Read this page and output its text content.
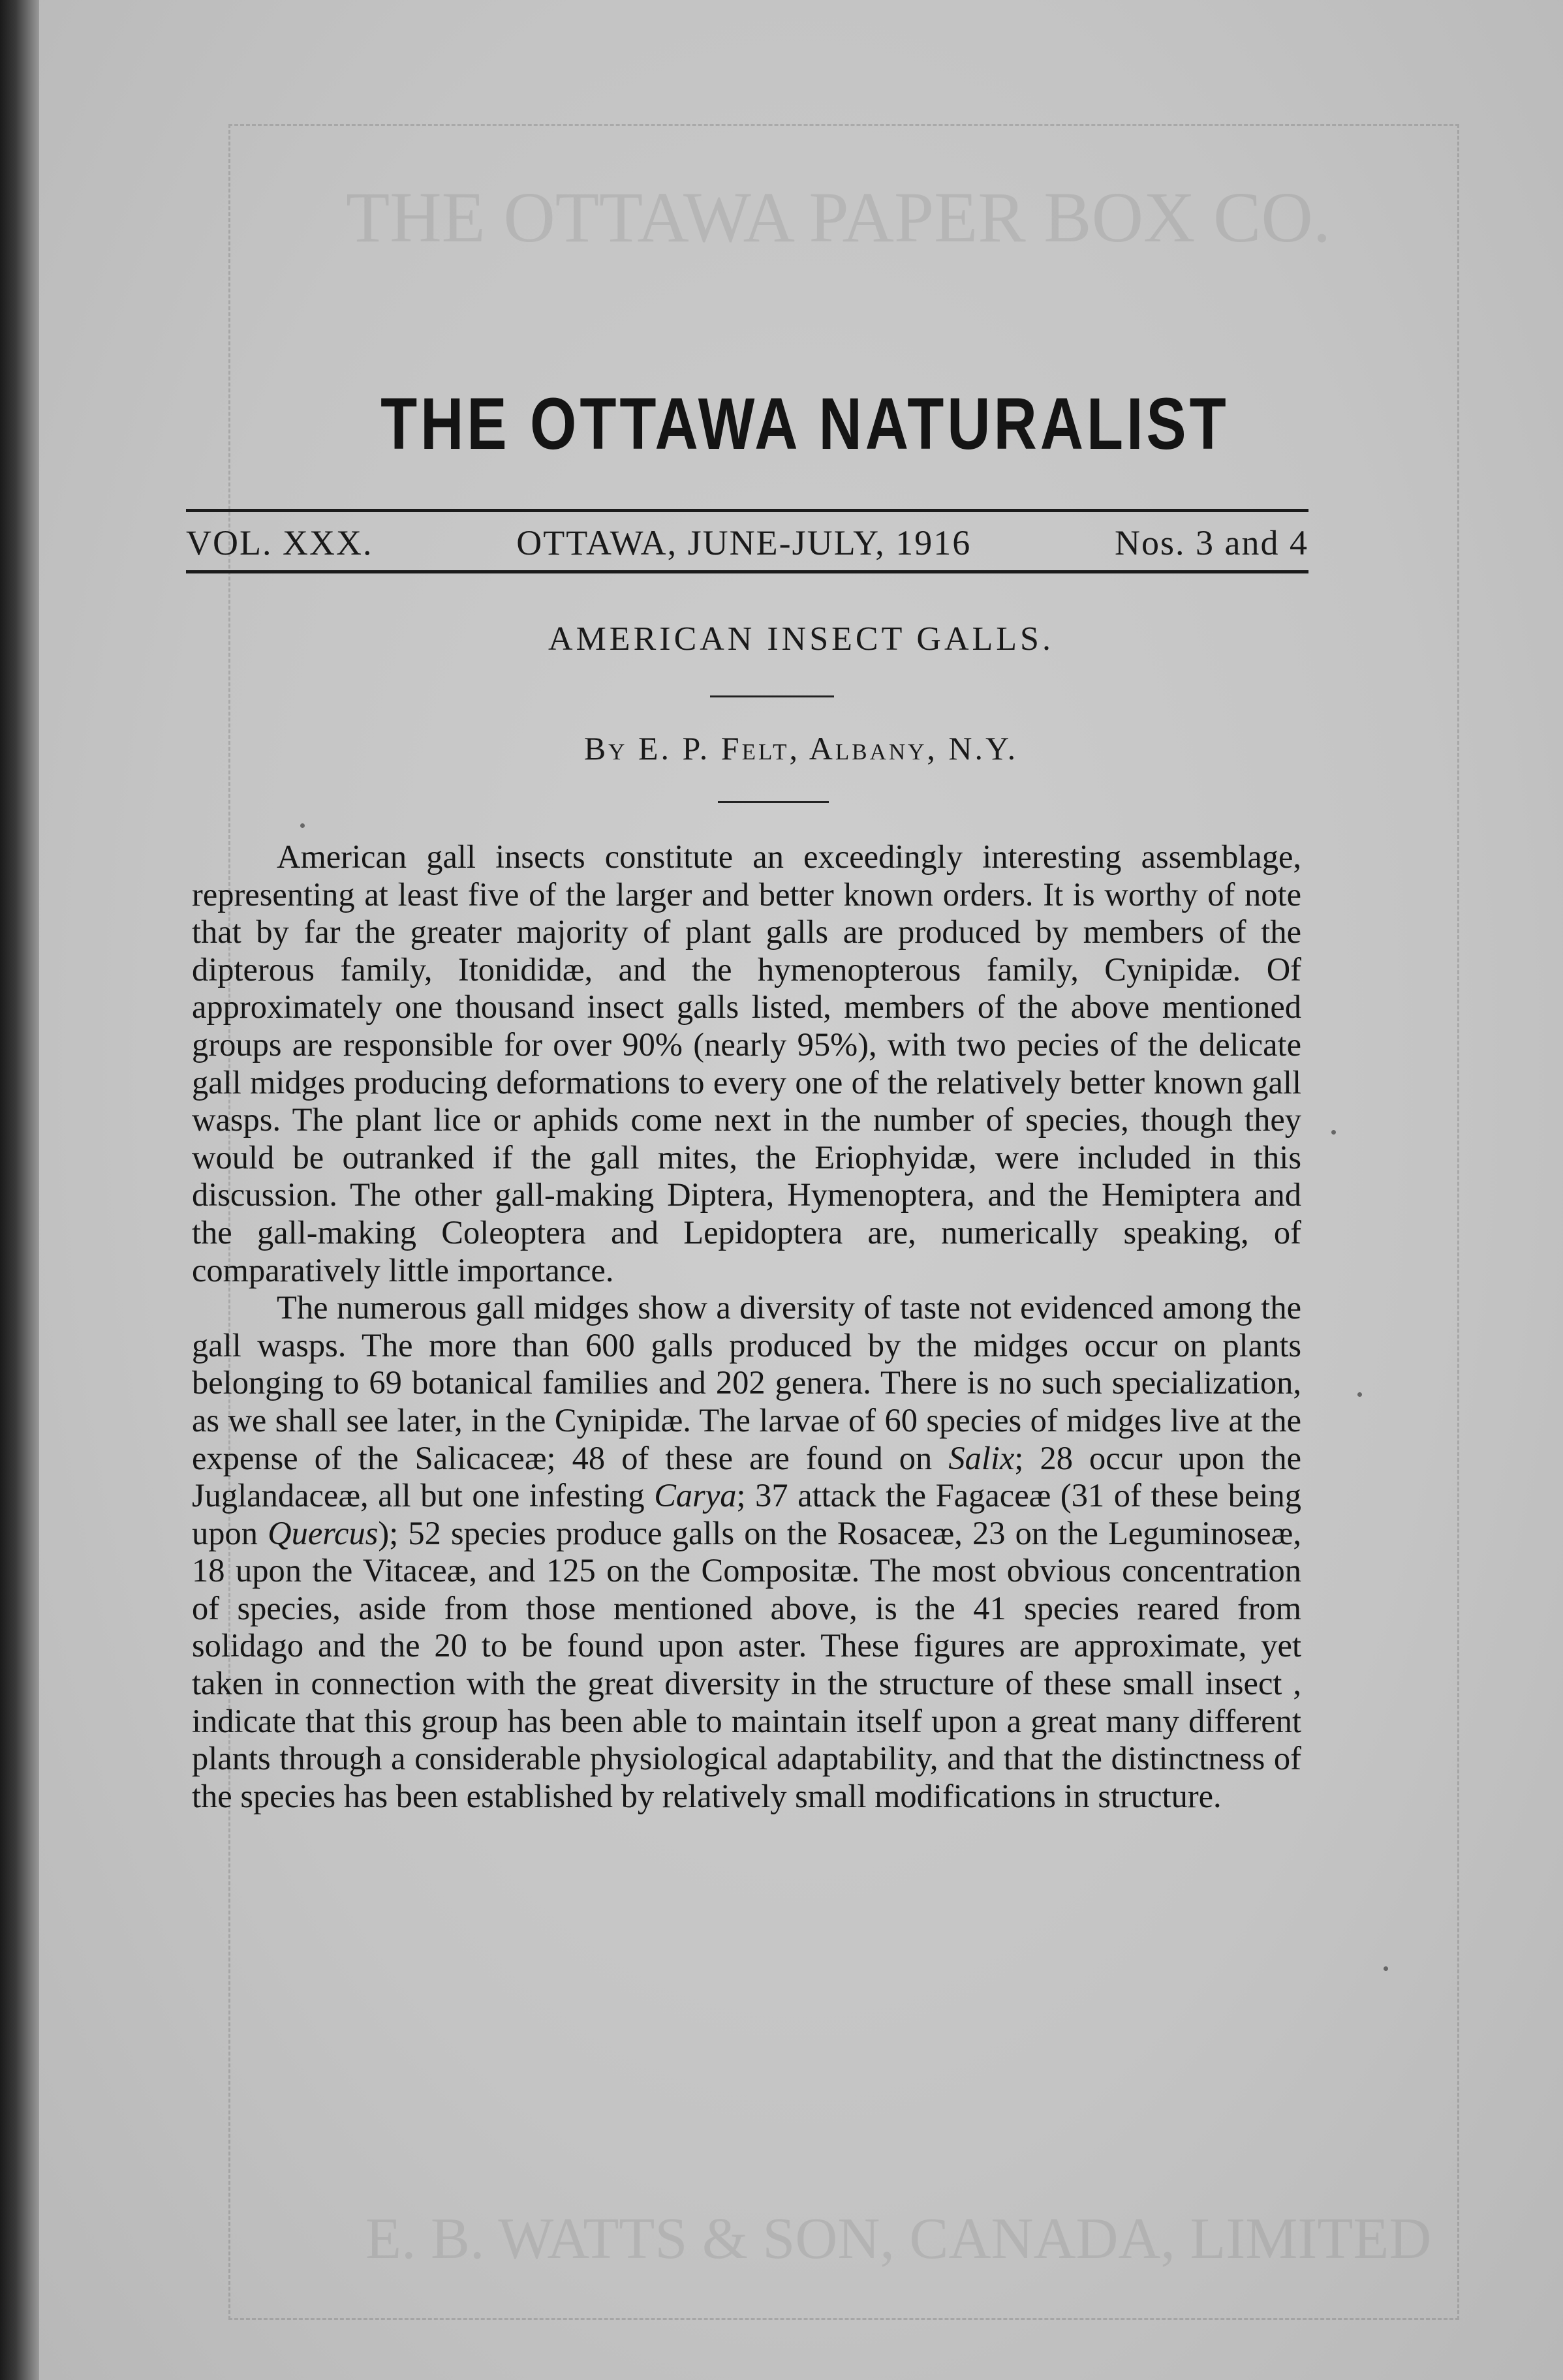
THE OTTAWA PAPER BOX CO.
E. B. WATTS & SON, CANADA, LIMITED
THE OTTAWA NATURALIST
VOL. XXX.	OTTAWA, JUNE-JULY, 1916	Nos. 3 and 4
AMERICAN INSECT GALLS.
By E. P. Felt, Albany, N.Y.

American gall insects constitute an exceedingly interesting assemblage, representing at least five of the larger and better known orders. It is worthy of note that by far the greater majority of plant galls are produced by members of the dipterous family, Itonididæ, and the hymenopterous family, Cynipidæ. Of approximately one thousand insect galls listed, members of the above mentioned groups are responsible for over 90% (nearly 95%), with two pecies of the delicate gall midges producing deformations to every one of the relatively better known gall wasps. The plant lice or aphids come next in the number of species, though they would be outranked if the gall mites, the Eriophyidæ, were included in this discussion. The other gall-making Diptera, Hymenoptera, and the Hemiptera and the gall-making Coleoptera and Lepidoptera are, numerically speaking, of comparatively little importance.

The numerous gall midges show a diversity of taste not evidenced among the gall wasps. The more than 600 galls produced by the midges occur on plants belonging to 69 botanical families and 202 genera. There is no such specialization, as we shall see later, in the Cynipidæ. The larvae of 60 species of midges live at the expense of the Salicaceæ; 48 of these are found on Salix; 28 occur upon the Juglandaceæ, all but one infesting Carya; 37 attack the Fagaceæ (31 of these being upon Quercus); 52 species produce galls on the Rosaceæ, 23 on the Leguminoseæ, 18 upon the Vitaceæ, and 125 on the Compositæ. The most obvious concentration of species, aside from those mentioned above, is the 41 species reared from solidago and the 20 to be found upon aster. These figures are approximate, yet taken in connection with the great diversity in the structure of these small insect , indicate that this group has been able to maintain itself upon a great many different plants through a considerable physiological adaptability, and that the distinctness of the species has been established by relatively small modifications in structure.
